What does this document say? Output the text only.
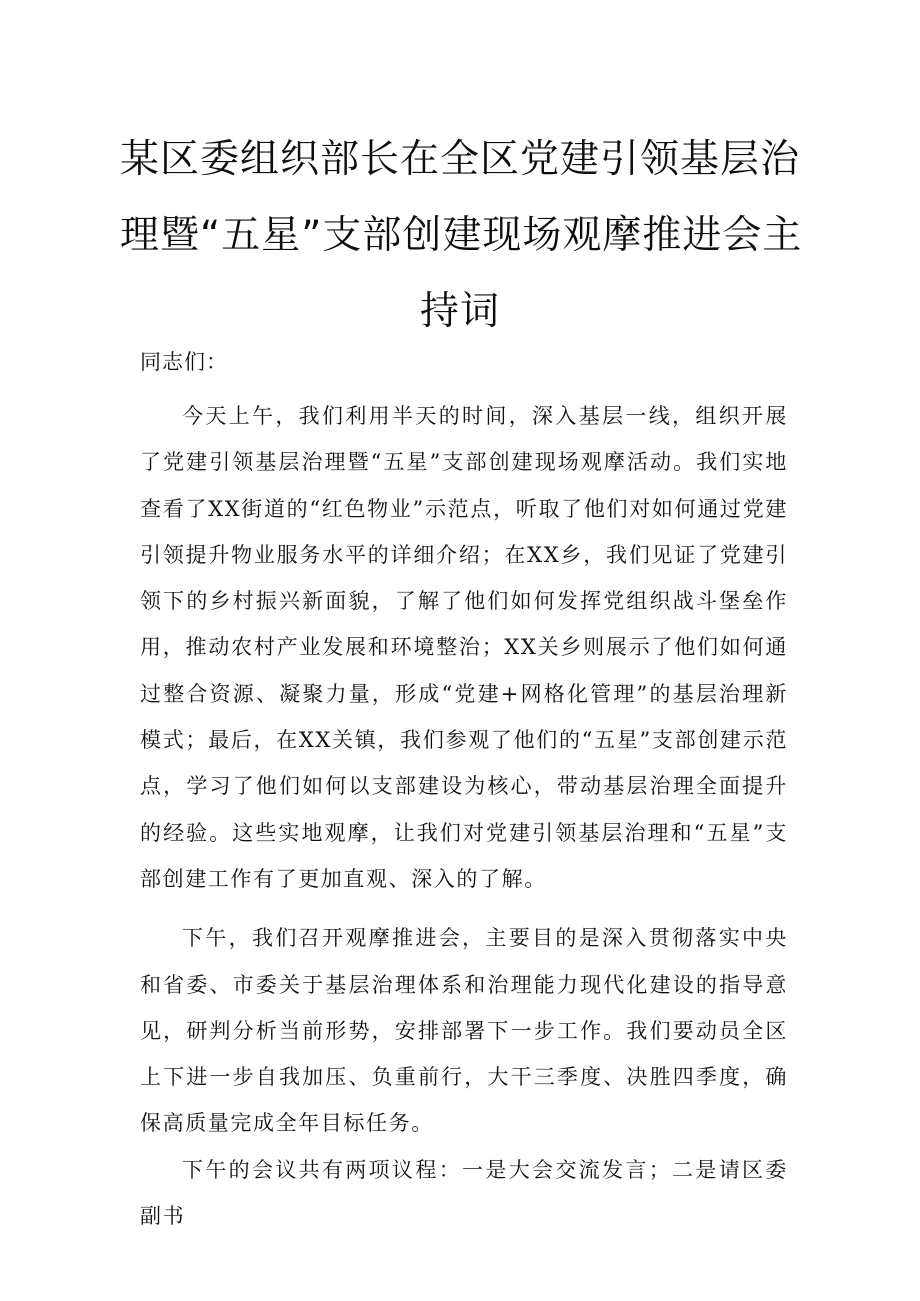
某区委组织部长在全区党建引领基层治
理暨“五星”支部创建现场观摩推进会主
持词

同志们：

今天上午，我们利用半天的时间，深入基层一线，组织开展了党建引领基层治理暨“五星”支部创建现场观摩活动。我们实地查看了XX街道的“红色物业”示范点，听取了他们对如何通过党建引领提升物业服务水平的详细介绍；在XX乡，我们见证了党建引领下的乡村振兴新面貌，了解了他们如何发挥党组织战斗堡垒作用，推动农村产业发展和环境整治；XX关乡则展示了他们如何通过整合资源、凝聚力量，形成“党建+网格化管理”的基层治理新模式；最后，在XX关镇，我们参观了他们的“五星”支部创建示范点，学习了他们如何以支部建设为核心，带动基层治理全面提升的经验。这些实地观摩，让我们对党建引领基层治理和“五星”支部创建工作有了更加直观、深入的了解。

下午，我们召开观摩推进会，主要目的是深入贯彻落实中央和省委、市委关于基层治理体系和治理能力现代化建设的指导意见，研判分析当前形势，安排部署下一步工作。我们要动员全区上下进一步自我加压、负重前行，大干三季度、决胜四季度，确保高质量完成全年目标任务。

下午的会议共有两项议程：一是大会交流发言；二是请区委副书
